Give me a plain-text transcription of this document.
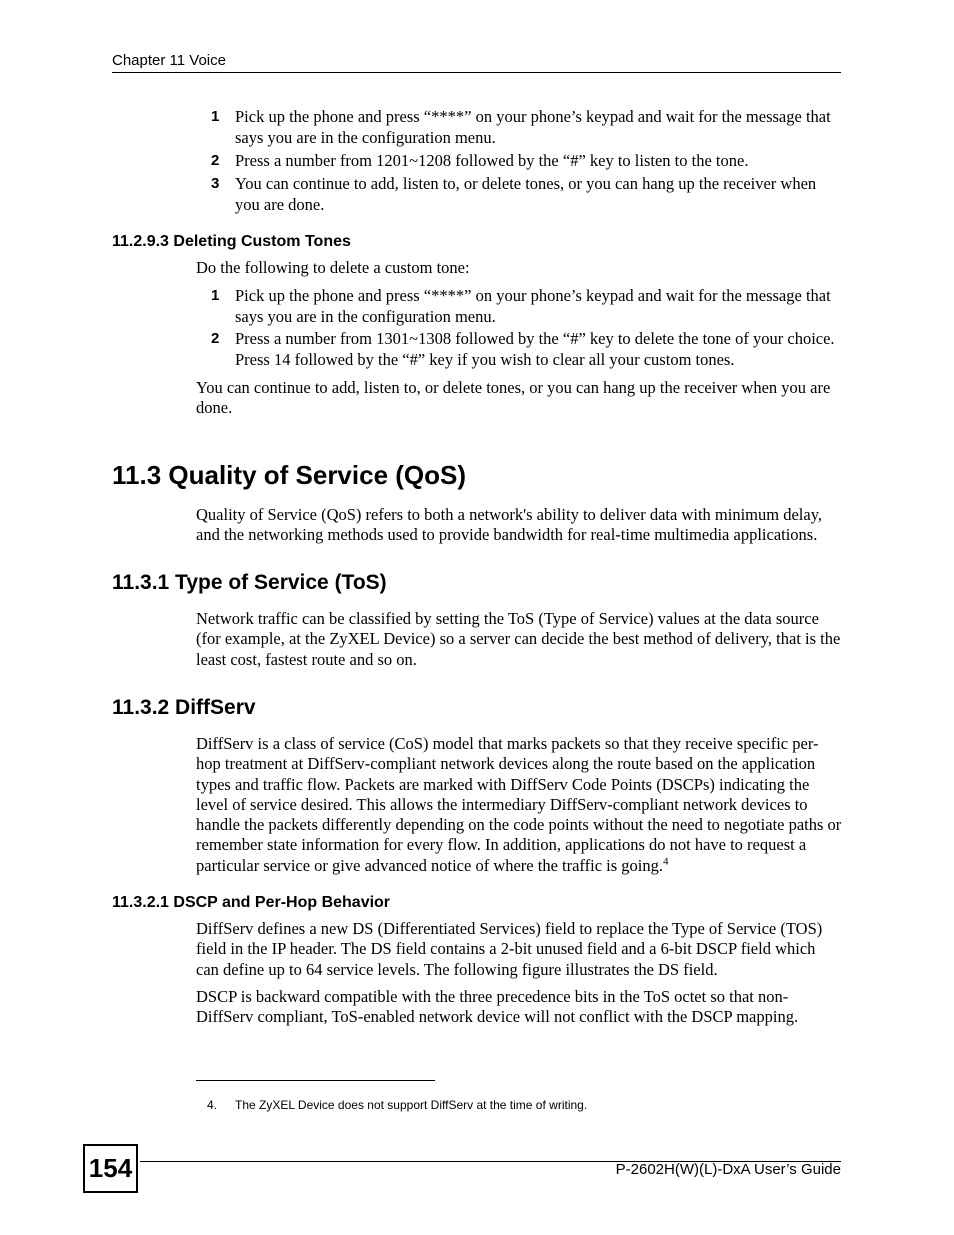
Chapter 11 Voice
1 Pick up the phone and press “****” on your phone’s keypad and wait for the message that says you are in the configuration menu.
2 Press a number from 1201~1208 followed by the “#” key to listen to the tone.
3 You can continue to add, listen to, or delete tones, or you can hang up the receiver when you are done.
11.2.9.3 Deleting Custom Tones
Do the following to delete a custom tone:
1 Pick up the phone and press “****” on your phone’s keypad and wait for the message that says you are in the configuration menu.
2 Press a number from 1301~1308 followed by the “#” key to delete the tone of your choice. Press 14 followed by the “#” key if you wish to clear all your custom tones.
You can continue to add, listen to, or delete tones, or you can hang up the receiver when you are done.
11.3 Quality of Service (QoS)
Quality of Service (QoS) refers to both a network's ability to deliver data with minimum delay, and the networking methods used to provide bandwidth for real-time multimedia applications.
11.3.1 Type of Service (ToS)
Network traffic can be classified by setting the ToS (Type of Service) values at the data source (for example, at the ZyXEL Device) so a server can decide the best method of delivery, that is the least cost, fastest route and so on.
11.3.2 DiffServ
DiffServ is a class of service (CoS) model that marks packets so that they receive specific per-hop treatment at DiffServ-compliant network devices along the route based on the application types and traffic flow. Packets are marked with DiffServ Code Points (DSCPs) indicating the level of service desired. This allows the intermediary DiffServ-compliant network devices to handle the packets differently depending on the code points without the need to negotiate paths or remember state information for every flow. In addition, applications do not have to request a particular service or give advanced notice of where the traffic is going.$^4$
11.3.2.1 DSCP and Per-Hop Behavior
DiffServ defines a new DS (Differentiated Services) field to replace the Type of Service (TOS) field in the IP header. The DS field contains a 2-bit unused field and a 6-bit DSCP field which can define up to 64 service levels. The following figure illustrates the DS field.
DSCP is backward compatible with the three precedence bits in the ToS octet so that non-DiffServ compliant, ToS-enabled network device will not conflict with the DSCP mapping.
4. The ZyXEL Device does not support DiffServ at the time of writing.
154	P-2602H(W)(L)-DxA User’s Guide
